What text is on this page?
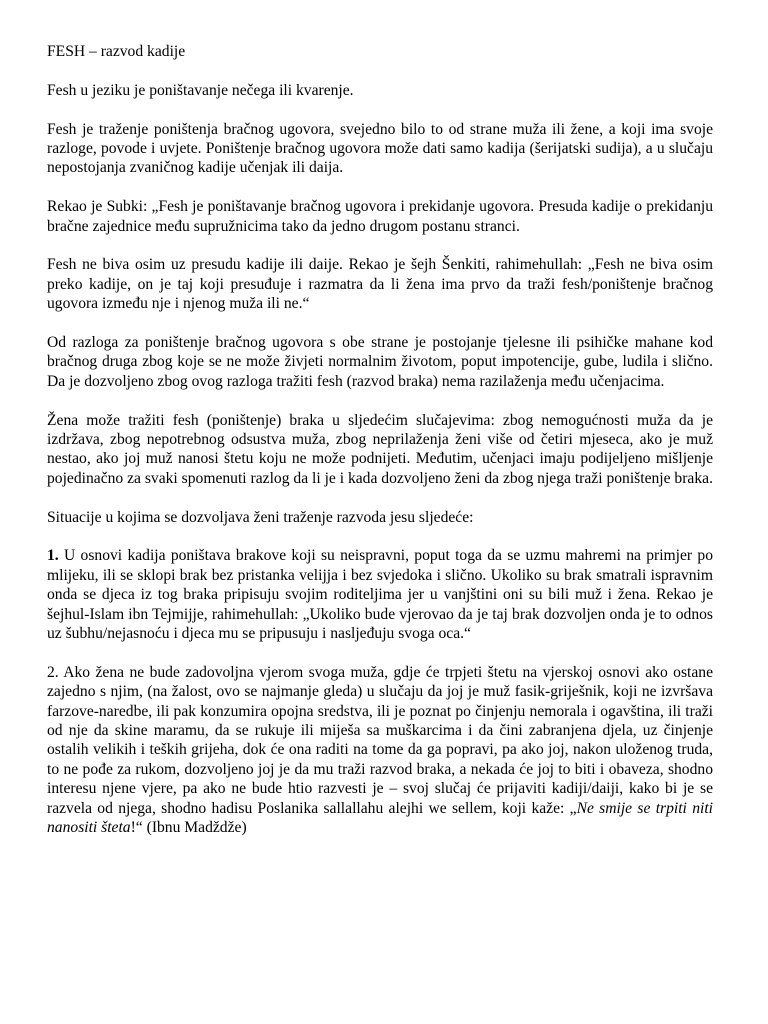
FESH – razvod kadije

Fesh u jeziku je poništavanje nečega ili kvarenje.

Fesh je traženje poništenja bračnog ugovora, svejedno bilo to od strane muža ili žene, a koji ima svoje razloge, povode i uvjete. Poništenje bračnog ugovora može dati samo kadija (šerijatski sudija), a u slučaju nepostojanja zvaničnog kadije učenjak ili daija.

Rekao je Subki: „Fesh je poništavanje bračnog ugovora i prekidanje ugovora. Presuda kadije o prekidanju bračne zajednice među supružnicima tako da jedno drugom postanu stranci.

Fesh ne biva osim uz presudu kadije ili daije. Rekao je šejh Šenkiti, rahimehullah: „Fesh ne biva osim preko kadije, on je taj koji presuđuje i razmatra da li žena ima prvo da traži fesh/poništenje bračnog ugovora između nje i njenog muža ili ne.“

Od razloga za poništenje bračnog ugovora s obe strane je postojanje tjelesne ili psihičke mahane kod bračnog druga zbog koje se ne može živjeti normalnim životom, poput impotencije, gube, ludila i slično. Da je dozvoljeno zbog ovog razloga tražiti fesh (razvod braka) nema razilaženja među učenjacima.

Žena može tražiti fesh (poništenje) braka u sljedećim slučajevima: zbog nemogućnosti muža da je izdržava, zbog nepotrebnog odsustva muža, zbog neprilaženja ženi više od četiri mjeseca, ako je muž nestao, ako joj muž nanosi štetu koju ne može podnijeti. Međutim, učenjaci imaju podijeljeno mišljenje pojedinačno za svaki spomenuti razlog da li je i kada dozvoljeno ženi da zbog njega traži poništenje braka.

Situacije u kojima se dozvoljava ženi traženje razvoda jesu sljedeće:

1. U osnovi kadija poništava brakove koji su neispravni, poput toga da se uzmu mahremi na primjer po mlijeku, ili se sklopi brak bez pristanka velijja i bez svjedoka i slično. Ukoliko su brak smatrali ispravnim onda se djeca iz tog braka pripisuju svojim roditeljima jer u vanjštini oni su bili muž i žena. Rekao je šejhul-Islam ibn Tejmijje, rahimehullah: „Ukoliko bude vjerovao da je taj brak dozvoljen onda je to odnos uz šubhu/nejasnoću i djeca mu se pripusuju i nasljeđuju svoga oca.“

2. Ako žena ne bude zadovoljna vjerom svoga muža, gdje će trpjeti štetu na vjerskoj osnovi ako ostane zajedno s njim, (na žalost, ovo se najmanje gleda) u slučaju da joj je muž fasik-griješnik, koji ne izvršava farzove-naredbe, ili pak konzumira opojna sredstva, ili je poznat po činjenju nemorala i ogavština, ili traži od nje da skine maramu, da se rukuje ili miješa sa muškarcima i da čini zabranjena djela, uz činjenje ostalih velikih i teških grijeha, dok će ona raditi na tome da ga popravi, pa ako joj, nakon uloženog truda, to ne pođe za rukom, dozvoljeno joj je da mu traži razvod braka, a nekada će joj to biti i obaveza, shodno interesu njene vjere, pa ako ne bude htio razvesti je – svoj slučaj će prijaviti kadiji/daiji, kako bi je se razvela od njega, shodno hadisu Poslanika sallallahu alejhi we sellem, koji kaže: „Ne smije se trpiti niti nanositi šteta!“ (Ibnu Madždže)
